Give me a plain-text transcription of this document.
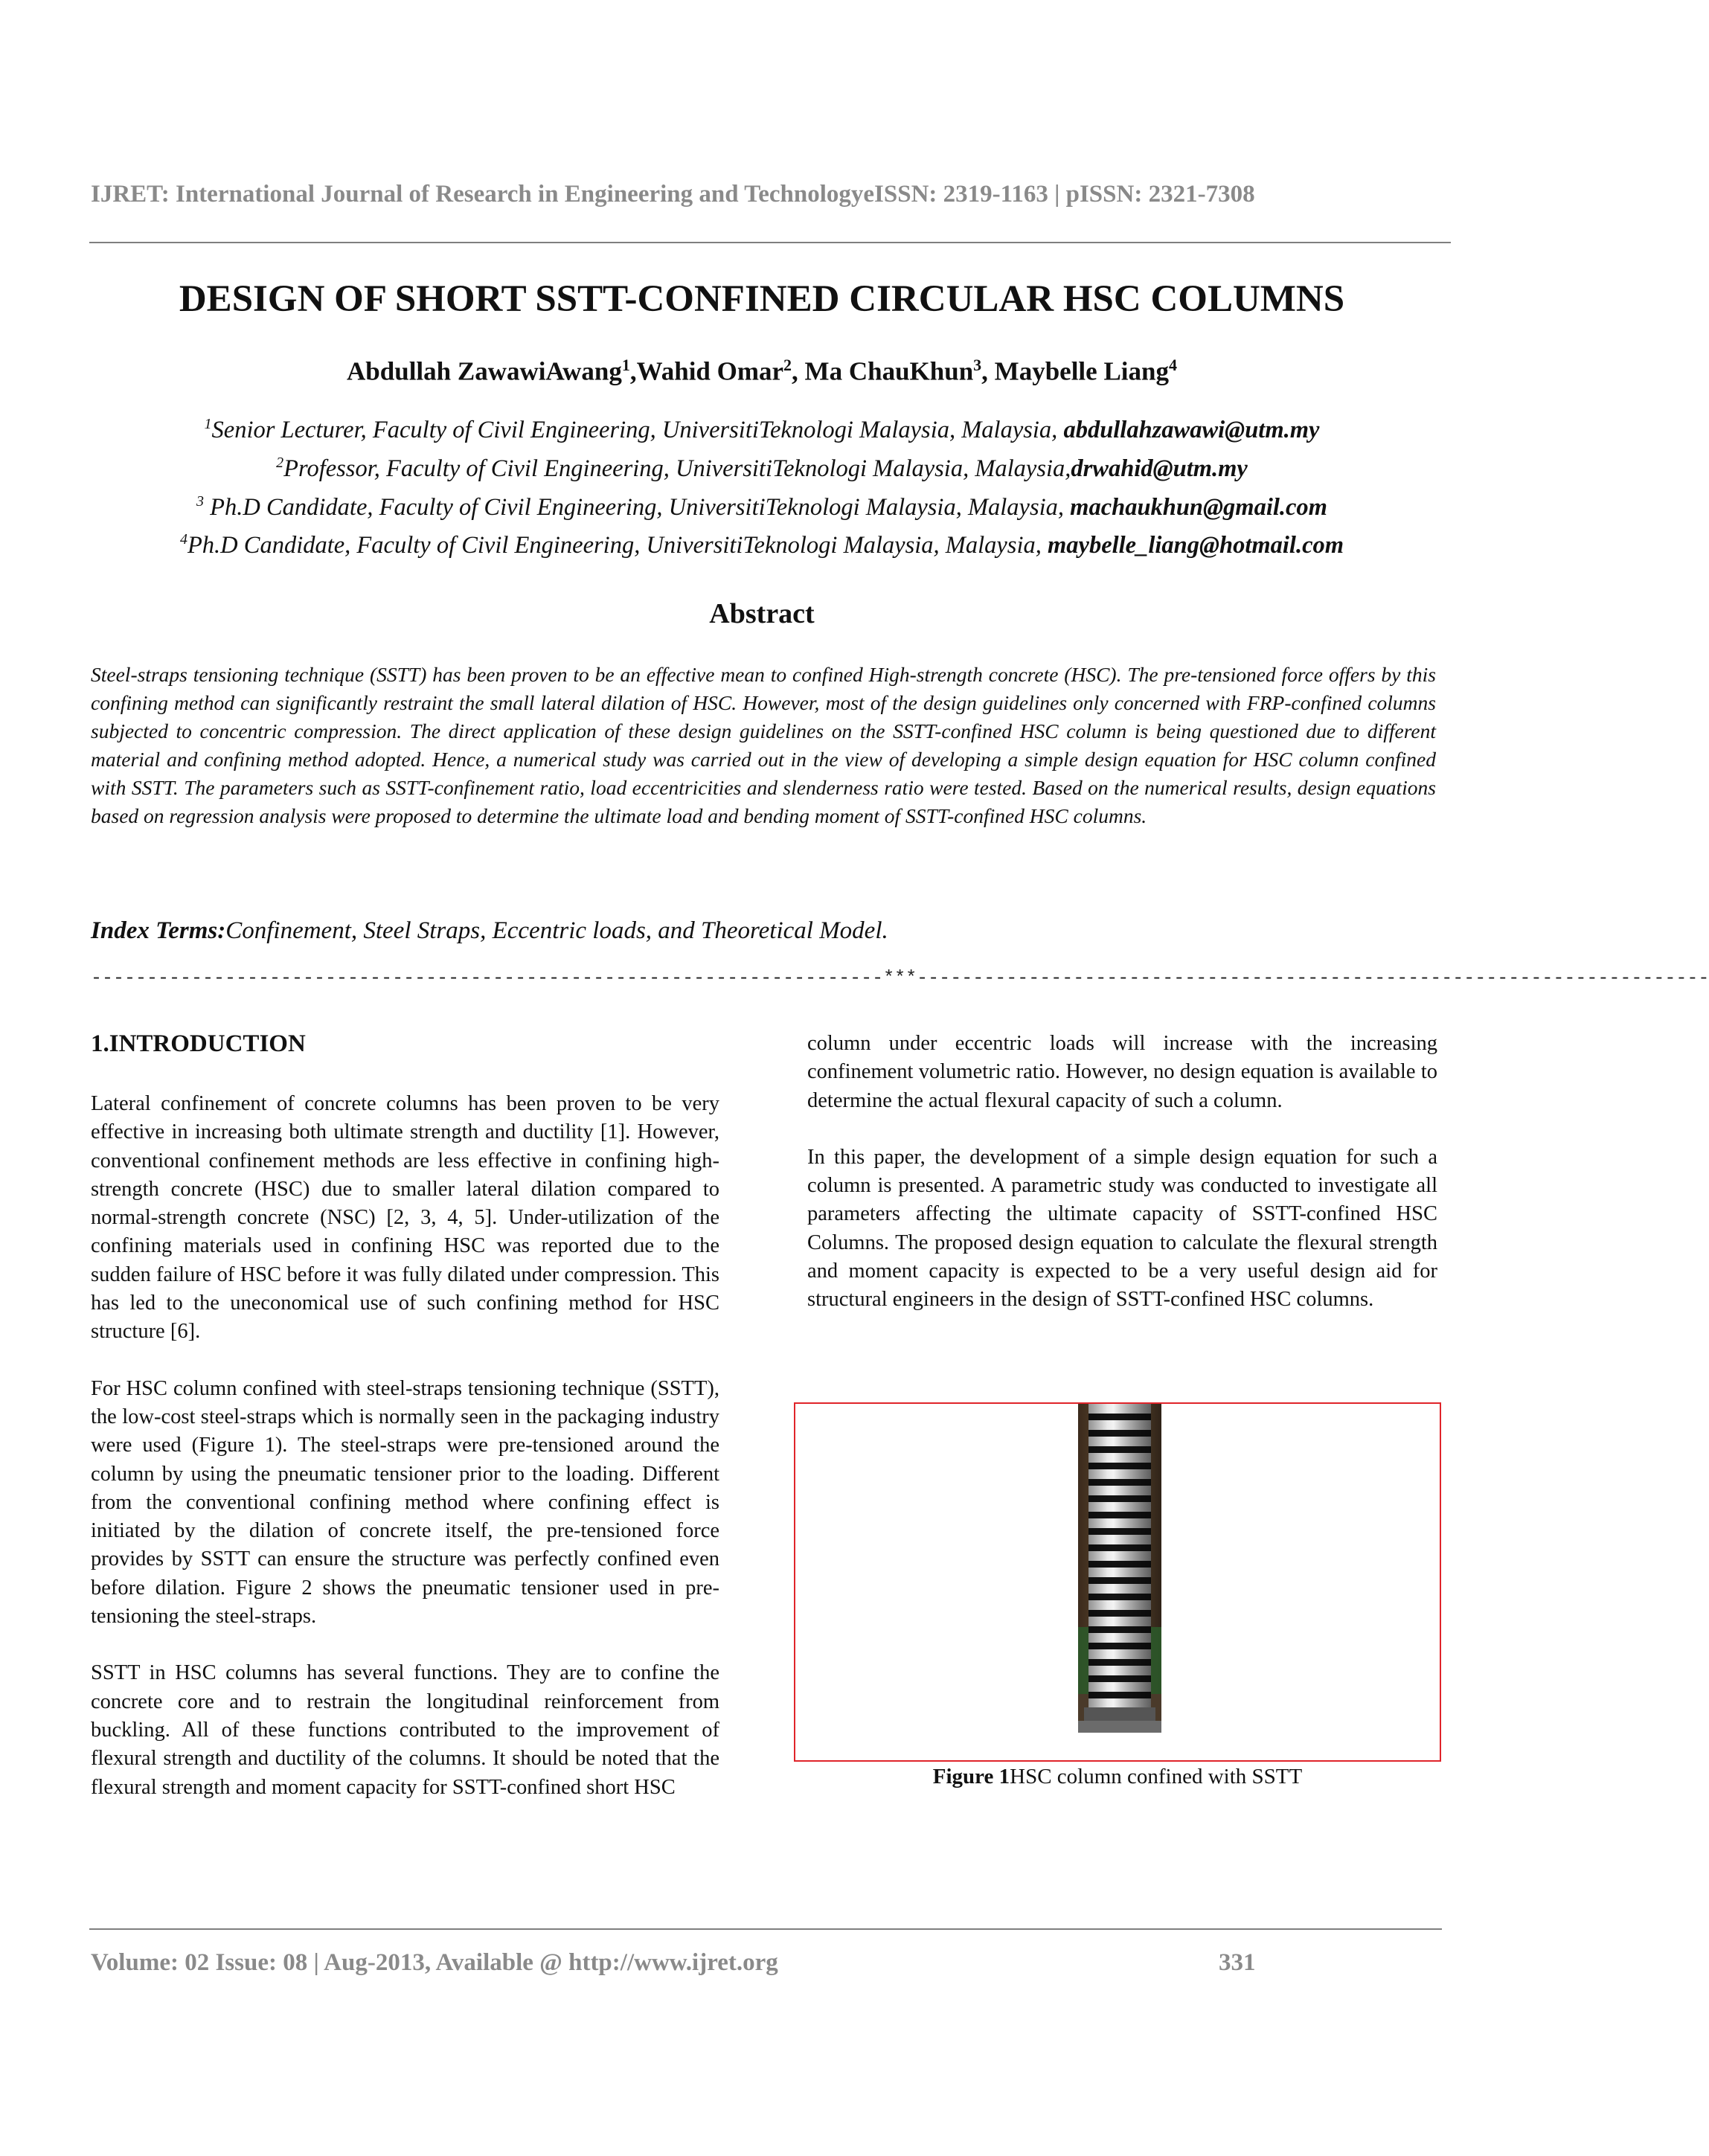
IJRET: International Journal of Research in Engineering and TechnologyeISSN: 2319-1163 | pISSN: 2321-7308
DESIGN OF SHORT SSTT-CONFINED CIRCULAR HSC COLUMNS
Abdullah ZawawiAwang$^1$,Wahid Omar$^2$, Ma ChauKhun$^3$, Maybelle Liang$^4$
$^1$Senior Lecturer, Faculty of Civil Engineering, UniversitiTeknologi Malaysia, Malaysia, abdullahzawawi@utm.my
$^2$Professor, Faculty of Civil Engineering, UniversitiTeknologi Malaysia, Malaysia,drwahid@utm.my
$^3$ Ph.D Candidate, Faculty of Civil Engineering, UniversitiTeknologi Malaysia, Malaysia, machaukhun@gmail.com
$^4$Ph.D Candidate, Faculty of Civil Engineering, UniversitiTeknologi Malaysia, Malaysia, maybelle_liang@hotmail.com
Abstract
Steel-straps tensioning technique (SSTT) has been proven to be an effective mean to confined High-strength concrete (HSC). The pre-tensioned force offers by this confining method can significantly restraint the small lateral dilation of HSC. However, most of the design guidelines only concerned with FRP-confined columns subjected to concentric compression. The direct application of these design guidelines on the SSTT-confined HSC column is being questioned due to different material and confining method adopted. Hence, a numerical study was carried out in the view of developing a simple design equation for HSC column confined with SSTT. The parameters such as SSTT-confinement ratio, load eccentricities and slenderness ratio were tested. Based on the numerical results, design equations based on regression analysis were proposed to determine the ultimate load and bending moment of SSTT-confined HSC columns.
Index Terms:Confinement, Steel Straps, Eccentric loads, and Theoretical Model.
-----------------------------------------------------------------------***-----------------------------------------------------------------------
1.INTRODUCTION

Lateral confinement of concrete columns has been proven to be very effective in increasing both ultimate strength and ductility [1]. However, conventional confinement methods are less effective in confining high-strength concrete (HSC) due to smaller lateral dilation compared to normal-strength concrete (NSC) [2, 3, 4, 5]. Under-utilization of the confining materials used in confining HSC was reported due to the sudden failure of HSC before it was fully dilated under compression. This has led to the uneconomical use of such confining method for HSC structure [6].

For HSC column confined with steel-straps tensioning technique (SSTT), the low-cost steel-straps which is normally seen in the packaging industry were used (Figure 1). The steel-straps were pre-tensioned around the column by using the pneumatic tensioner prior to the loading. Different from the conventional confining method where confining effect is initiated by the dilation of concrete itself, the pre-tensioned force provides by SSTT can ensure the structure was perfectly confined even before dilation. Figure 2 shows the pneumatic tensioner used in pre-tensioning the steel-straps.

SSTT in HSC columns has several functions. They are to confine the concrete core and to restrain the longitudinal reinforcement from buckling. All of these functions contributed to the improvement of flexural strength and ductility of the columns. It should be noted that the flexural strength and moment capacity for SSTT-confined short HSC

column under eccentric loads will increase with the increasing confinement volumetric ratio. However, no design equation is available to determine the actual flexural capacity of such a column.

In this paper, the development of a simple design equation for such a column is presented. A parametric study was conducted to investigate all parameters affecting the ultimate capacity of SSTT-confined HSC Columns. The proposed design equation to calculate the flexural strength and moment capacity is expected to be a very useful design aid for structural engineers in the design of SSTT-confined HSC columns.

Figure 1HSC column confined with SSTT
Volume: 02 Issue: 08 | Aug-2013, Available @ http://www.ijret.org	331
